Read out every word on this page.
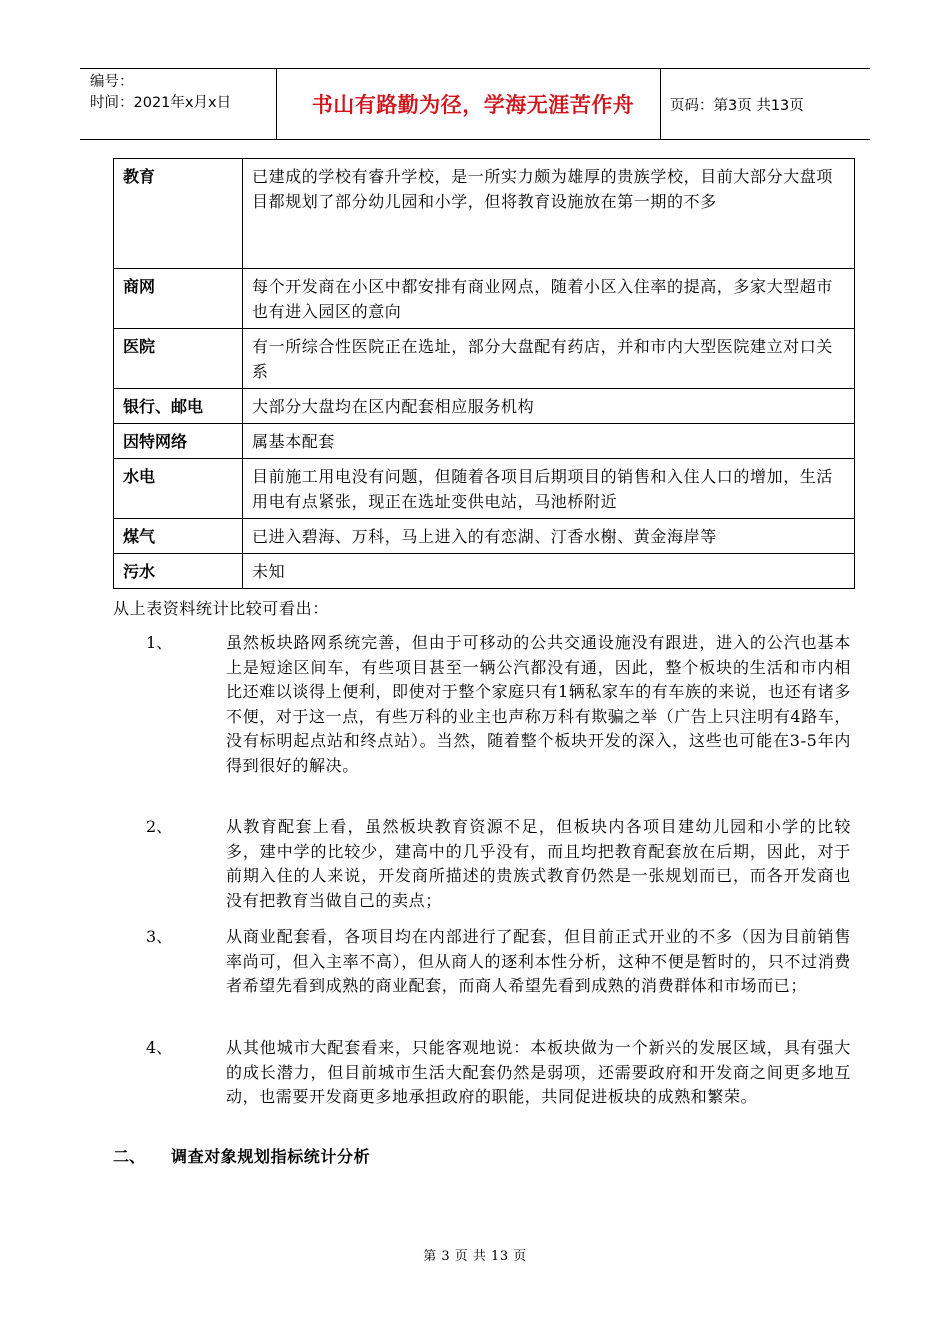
编号：
时间：2021年x月x日	书山有路勤为径，学海无涯苦作舟	页码：第3页 共13页
教育	已建成的学校有睿升学校，是一所实力颇为雄厚的贵族学校，目前大部分大盘项目都规划了部分幼儿园和小学，但将教育设施放在第一期的不多
商网	每个开发商在小区中都安排有商业网点，随着小区入住率的提高，多家大型超市也有进入园区的意向
医院	有一所综合性医院正在选址，部分大盘配有药店，并和市内大型医院建立对口关系
银行、邮电	大部分大盘均在区内配套相应服务机构
因特网络	属基本配套
水电	目前施工用电没有问题，但随着各项目后期项目的销售和入住人口的增加，生活用电有点紧张，现正在选址变供电站，马池桥附近
煤气	已进入碧海、万科，马上进入的有恋湖、汀香水榭、黄金海岸等
污水	未知
从上表资料统计比较可看出：
1、	虽然板块路网系统完善，但由于可移动的公共交通设施没有跟进，进入的公汽也基本上是短途区间车，有些项目甚至一辆公汽都没有通，因此，整个板块的生活和市内相比还难以谈得上便利，即使对于整个家庭只有1辆私家车的有车族的来说，也还有诸多不便，对于这一点，有些万科的业主也声称万科有欺骗之举（广告上只注明有4路车，没有标明起点站和终点站）。当然，随着整个板块开发的深入，这些也可能在3-5年内得到很好的解决。
2、	从教育配套上看，虽然板块教育资源不足，但板块内各项目建幼儿园和小学的比较多，建中学的比较少，建高中的几乎没有，而且均把教育配套放在后期，因此，对于前期入住的人来说，开发商所描述的贵族式教育仍然是一张规划而已，而各开发商也没有把教育当做自己的卖点；
3、	从商业配套看，各项目均在内部进行了配套，但目前正式开业的不多（因为目前销售率尚可，但入主率不高），但从商人的逐利本性分析，这种不便是暂时的，只不过消费者希望先看到成熟的商业配套，而商人希望先看到成熟的消费群体和市场而已；
4、	从其他城市大配套看来，只能客观地说：本板块做为一个新兴的发展区域，具有强大的成长潜力，但目前城市生活大配套仍然是弱项，还需要政府和开发商之间更多地互动，也需要开发商更多地承担政府的职能，共同促进板块的成熟和繁荣。
二、 调查对象规划指标统计分析
第 3 页 共 13 页
